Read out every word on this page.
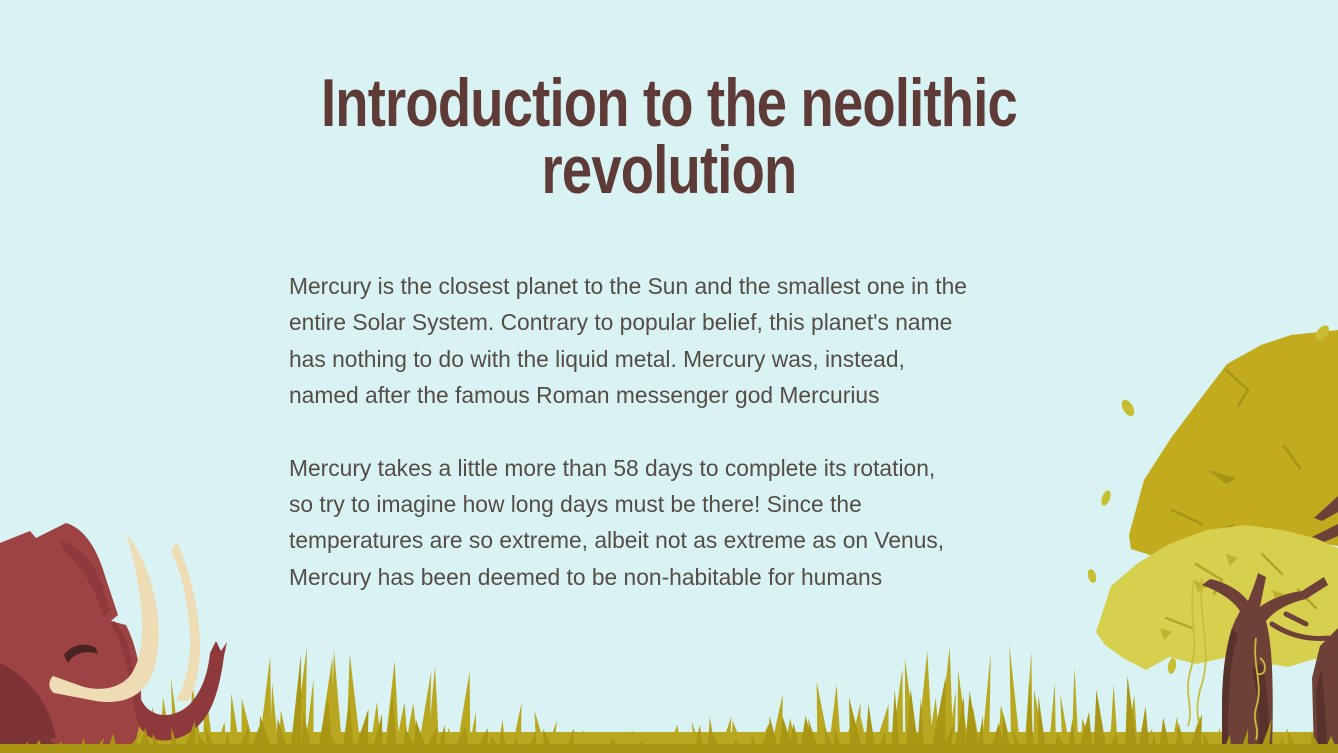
Introduction to the neolithic revolution

Mercury is the closest planet to the Sun and the smallest one in the
entire Solar System. Contrary to popular belief, this planet's name
has nothing to do with the liquid metal. Mercury was, instead,
named after the famous Roman messenger god Mercurius

Mercury takes a little more than 58 days to complete its rotation,
so try to imagine how long days must be there! Since the
temperatures are so extreme, albeit not as extreme as on Venus,
Mercury has been deemed to be non-habitable for humans
